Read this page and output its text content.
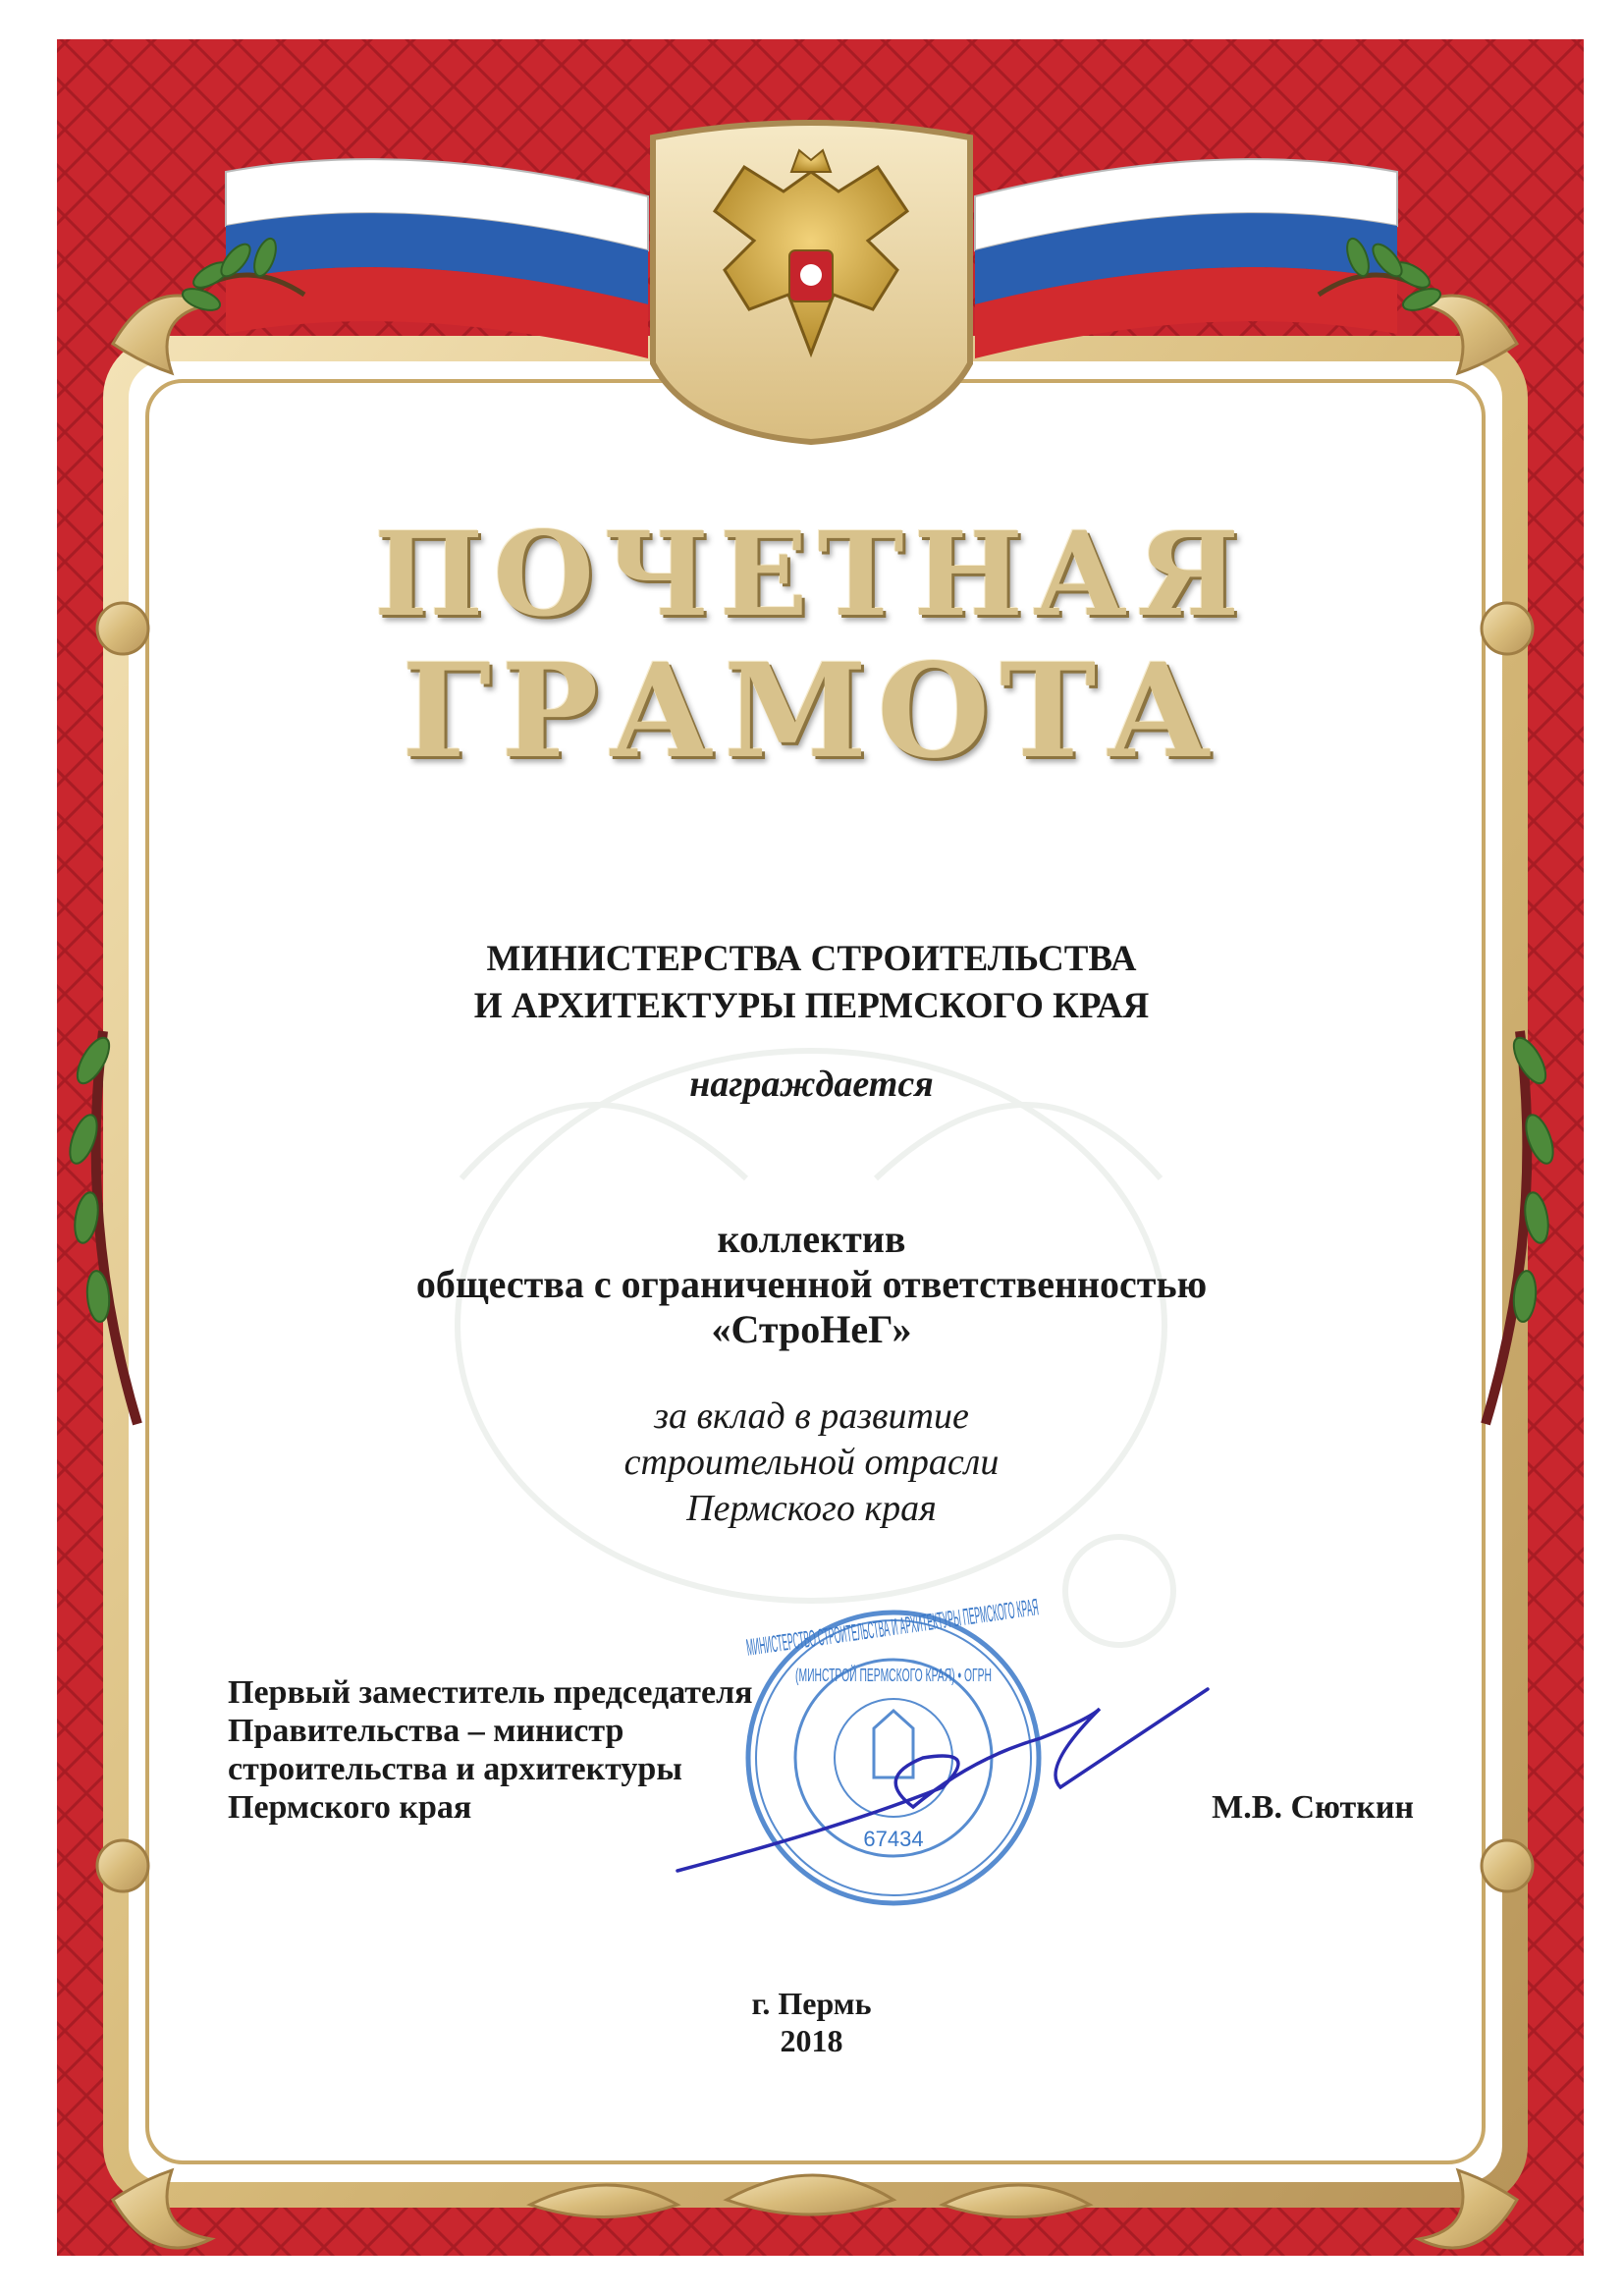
(МИНСТРОЙ ПЕРМСКОГО КРАЯ) • ОГРН
67434
ПОЧЕТНАЯ
ГРАМОТА
МИНИСТЕРСТВА СТРОИТЕЛЬСТВА
И АРХИТЕКТУРЫ ПЕРМСКОГО КРАЯ
награждается
коллектив
общества с ограниченной ответственностью
«СтроНеГ»
за вклад в развитие
строительной отрасли
Пермского края
Первый заместитель председателя
Правительства – министр
строительства и архитектуры
Пермского края	М.В. Сюткин
г. Пермь
2018
